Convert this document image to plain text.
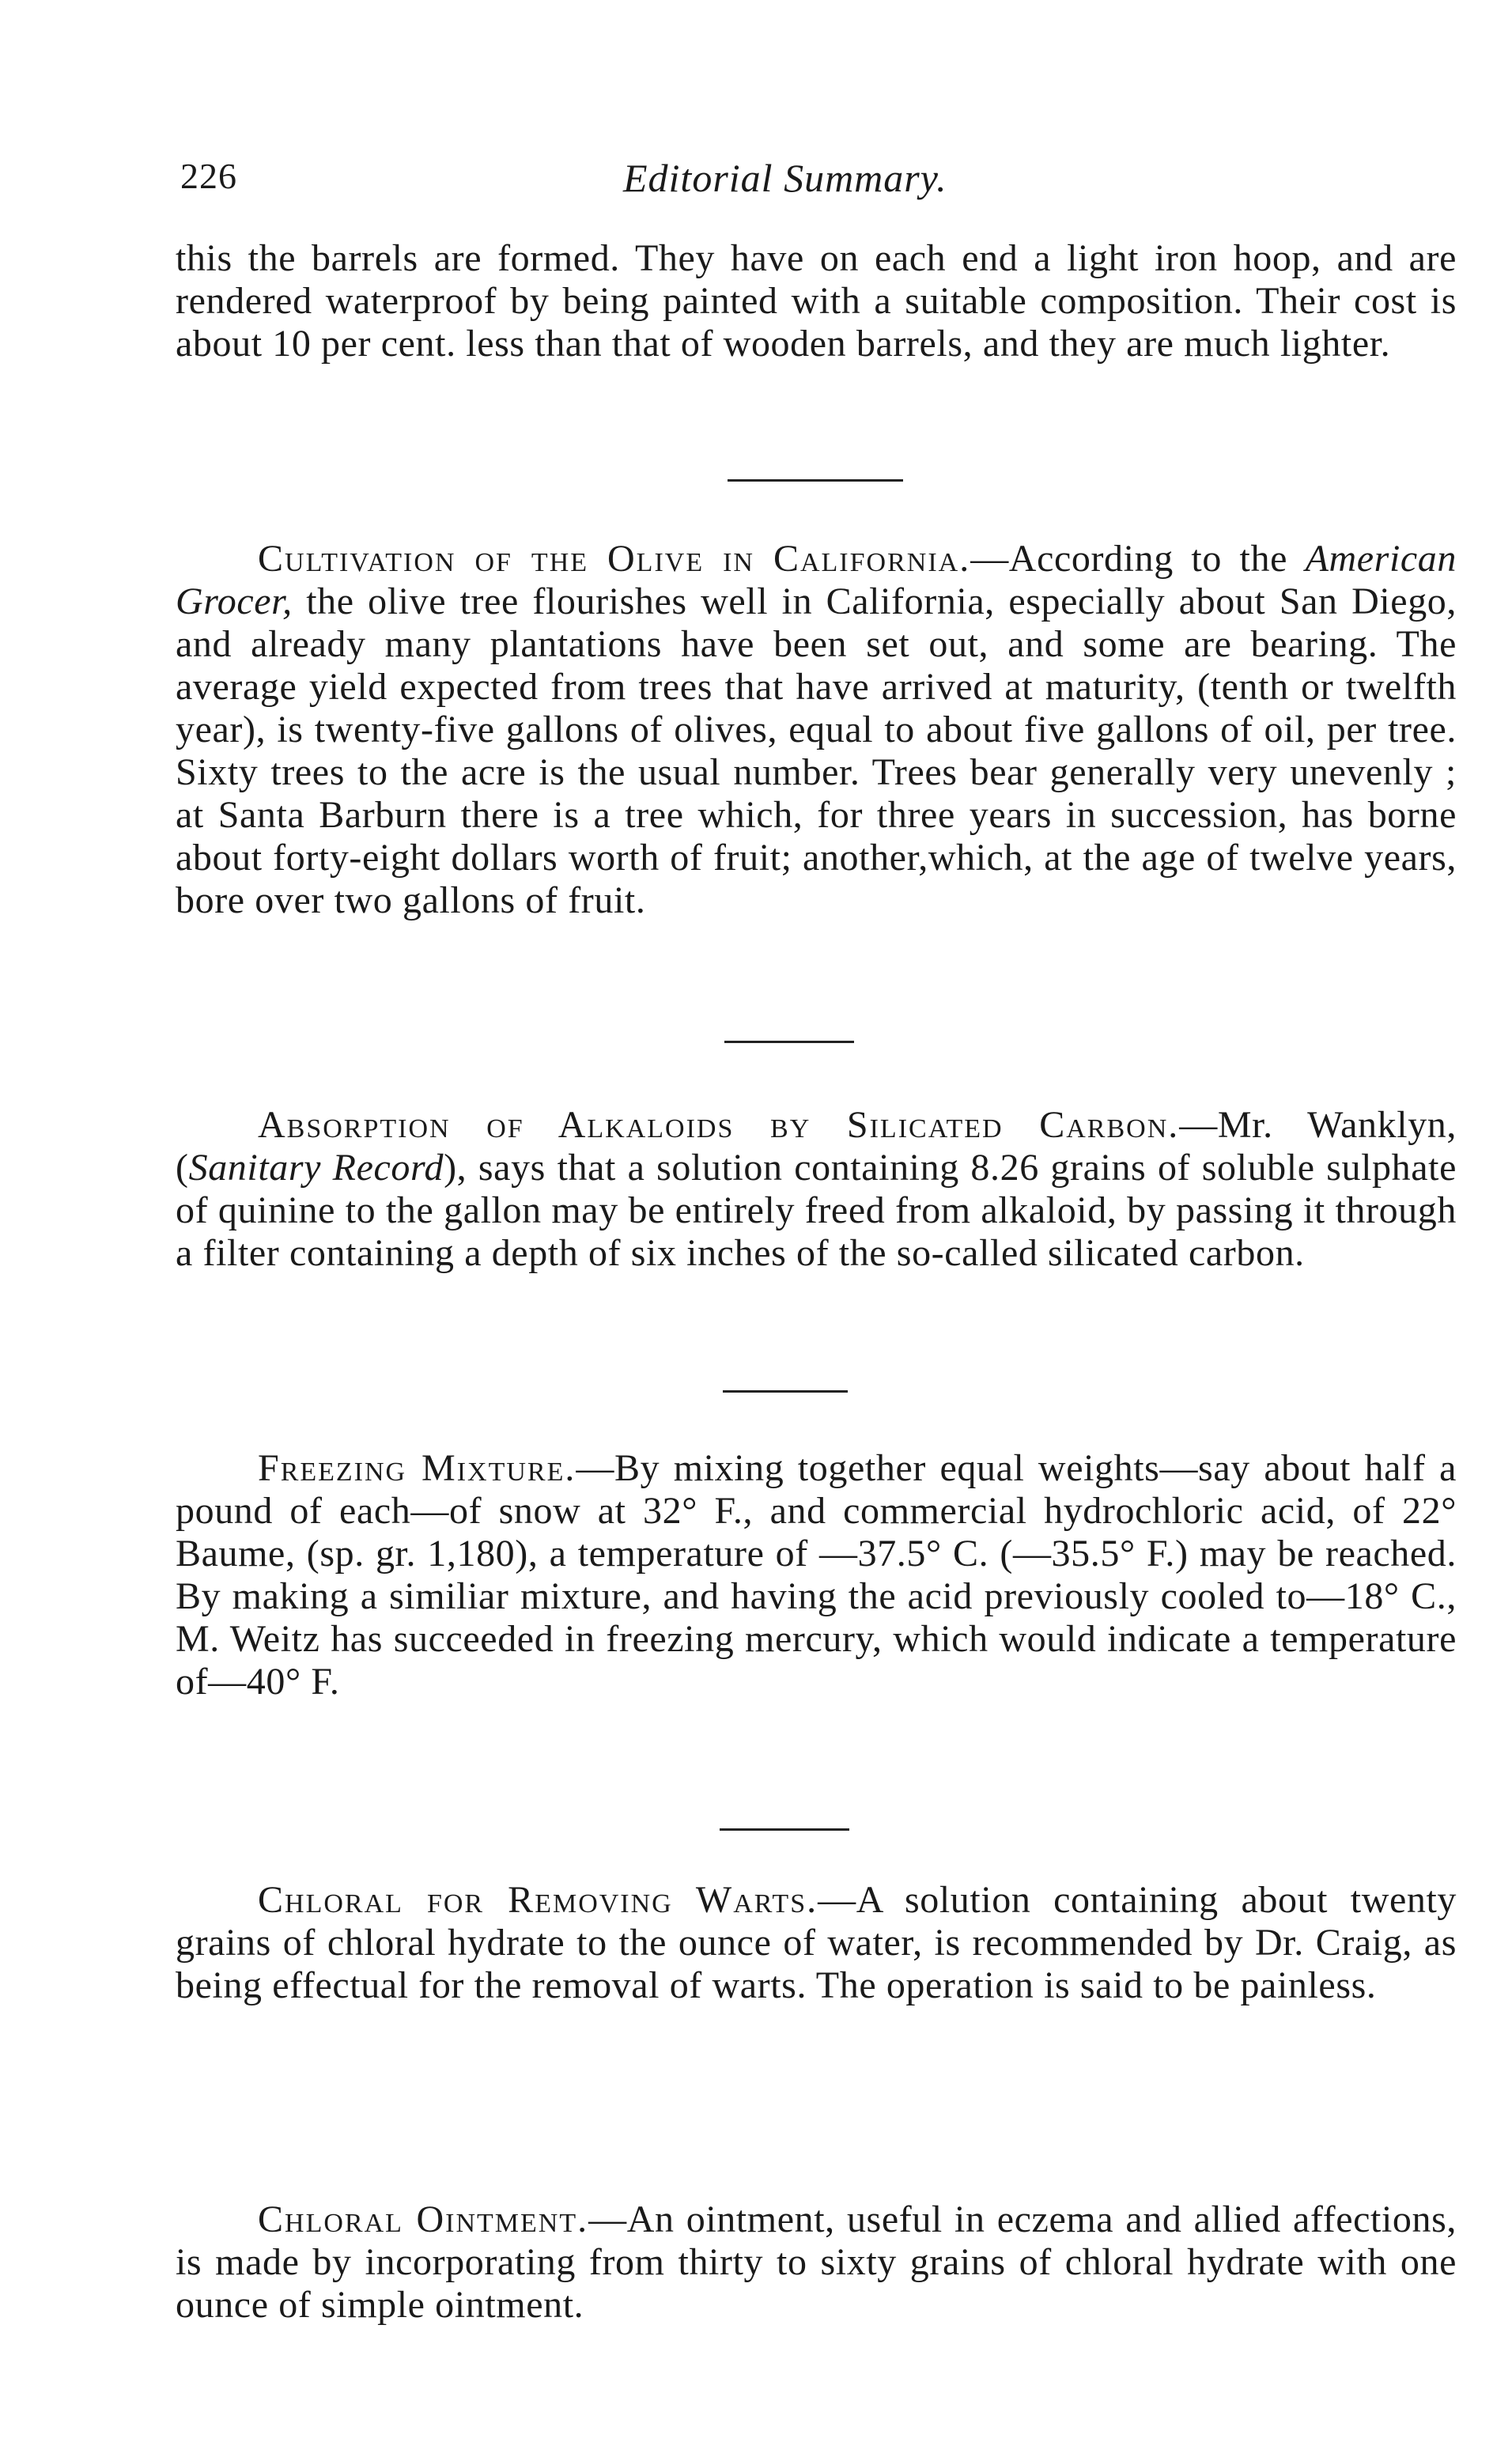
226	Editorial Summary.

this the barrels are formed. They have on each end a light iron hoop, and are rendered waterproof by being painted with a suitable composition. Their cost is about 10 per cent. less than that of wooden barrels, and they are much lighter.

Cultivation of the Olive in California.—According to the American Grocer, the olive tree flourishes well in California, especially about San Diego, and already many plantations have been set out, and some are bearing. The average yield expected from trees that have arrived at maturity, (tenth or twelfth year), is twenty-five gallons of olives, equal to about five gallons of oil, per tree. Sixty trees to the acre is the usual number. Trees bear generally very unevenly ; at Santa Barburn there is a tree which, for three years in succession, has borne about forty-eight dollars worth of fruit; another,which, at the age of twelve years, bore over two gallons of fruit.

Absorption of Alkaloids by Silicated Carbon.—Mr. Wanklyn, (Sanitary Record), says that a solution containing 8.26 grains of soluble sulphate of quinine to the gallon may be entirely freed from alkaloid, by passing it through a filter containing a depth of six inches of the so-called silicated carbon.

Freezing Mixture.—By mixing together equal weights—say about half a pound of each—of snow at 32° F., and commercial hydrochloric acid, of 22° Baume, (sp. gr. 1,180), a temperature of —37.5° C. (—35.5° F.) may be reached. By making a similiar mixture, and having the acid previously cooled to—18° C., M. Weitz has succeeded in freezing mercury, which would indicate a temperature of—40° F.

Chloral for Removing Warts.—A solution containing about twenty grains of chloral hydrate to the ounce of water, is recommended by Dr. Craig, as being effectual for the removal of warts. The operation is said to be painless.

Chloral Ointment.—An ointment, useful in eczema and allied affections, is made by incorporating from thirty to sixty grains of chloral hydrate with one ounce of simple ointment.
